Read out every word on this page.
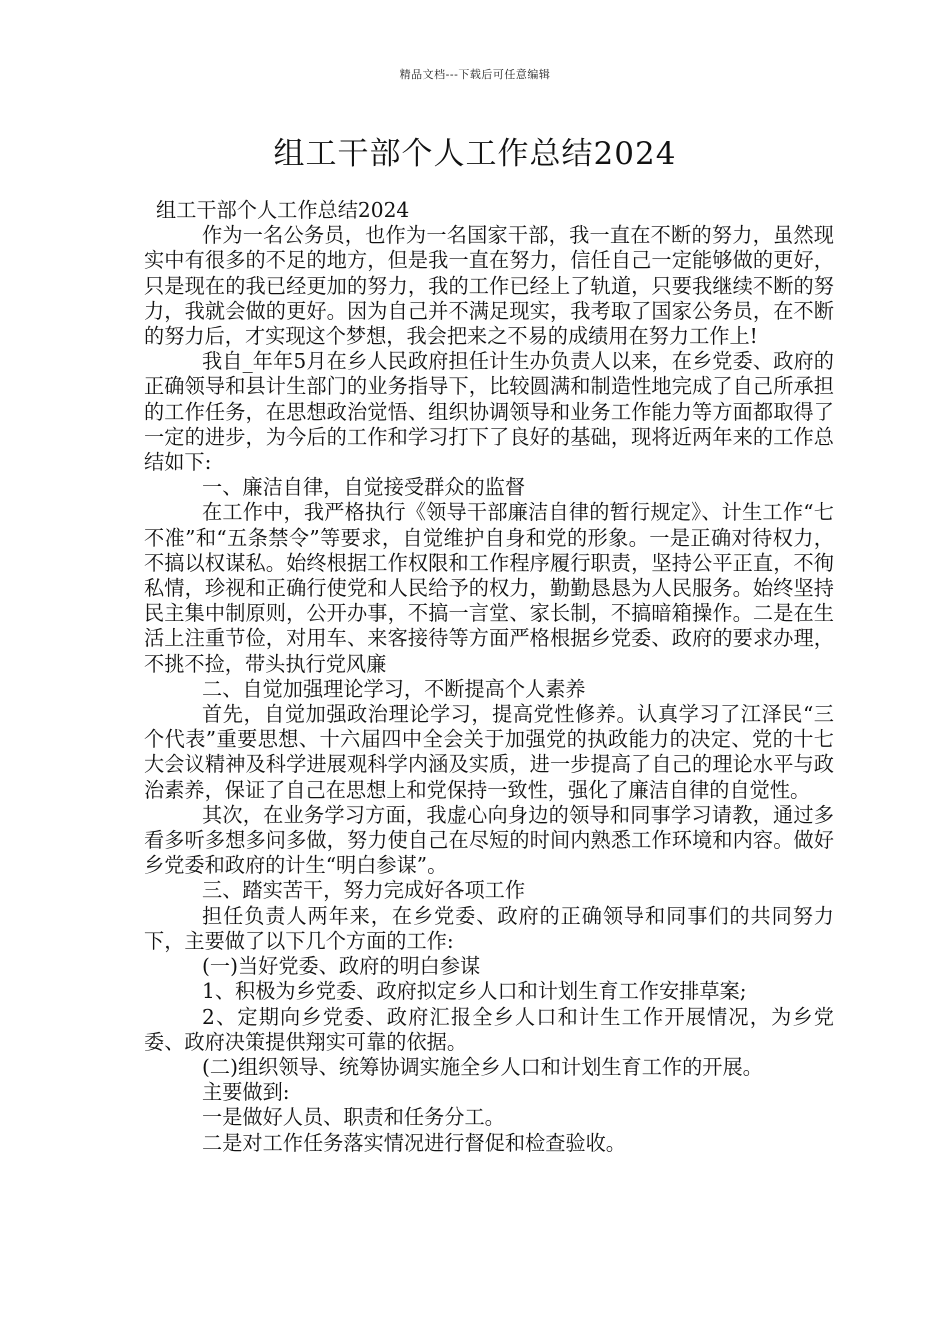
精品文档---下载后可任意编辑
组工干部个人工作总结2024

组工干部个人工作总结2024

作为一名公务员，也作为一名国家干部，我一直在不断的努力，虽然现实中有很多的不足的地方，但是我一直在努力，信任自己一定能够做的更好，只是现在的我已经更加的努力，我的工作已经上了轨道，只要我继续不断的努力，我就会做的更好。因为自己并不满足现实，我考取了国家公务员，在不断的努力后，才实现这个梦想，我会把来之不易的成绩用在努力工作上!

我自_年年5月在乡人民政府担任计生办负责人以来，在乡党委、政府的正确领导和县计生部门的业务指导下，比较圆满和制造性地完成了自己所承担的工作任务，在思想政治觉悟、组织协调领导和业务工作能力等方面都取得了一定的进步，为今后的工作和学习打下了良好的基础，现将近两年来的工作总结如下:

一、廉洁自律，自觉接受群众的监督

在工作中，我严格执行《领导干部廉洁自律的暂行规定》、计生工作“七不准”和“五条禁令”等要求，自觉维护自身和党的形象。一是正确对待权力，不搞以权谋私。始终根据工作权限和工作程序履行职责，坚持公平正直，不徇私情，珍视和正确行使党和人民给予的权力，勤勤恳恳为人民服务。始终坚持民主集中制原则，公开办事，不搞一言堂、家长制，不搞暗箱操作。二是在生活上注重节俭，对用车、来客接待等方面严格根据乡党委、政府的要求办理，不挑不捡，带头执行党风廉

二、自觉加强理论学习，不断提高个人素养

首先，自觉加强政治理论学习，提高党性修养。认真学习了江泽民“三个代表”重要思想、十六届四中全会关于加强党的执政能力的决定、党的十七大会议精神及科学进展观科学内涵及实质，进一步提高了自己的理论水平与政治素养，保证了自己在思想上和党保持一致性，强化了廉洁自律的自觉性。

其次，在业务学习方面，我虚心向身边的领导和同事学习请教，通过多看多听多想多问多做，努力使自己在尽短的时间内熟悉工作环境和内容。做好乡党委和政府的计生“明白参谋”。

三、踏实苦干，努力完成好各项工作

担任负责人两年来，在乡党委、政府的正确领导和同事们的共同努力下，主要做了以下几个方面的工作:

(一)当好党委、政府的明白参谋

1、积极为乡党委、政府拟定乡人口和计划生育工作安排草案;

2、定期向乡党委、政府汇报全乡人口和计生工作开展情况，为乡党委、政府决策提供翔实可靠的依据。

(二)组织领导、统筹协调实施全乡人口和计划生育工作的开展。

主要做到:

一是做好人员、职责和任务分工。

二是对工作任务落实情况进行督促和检查验收。
